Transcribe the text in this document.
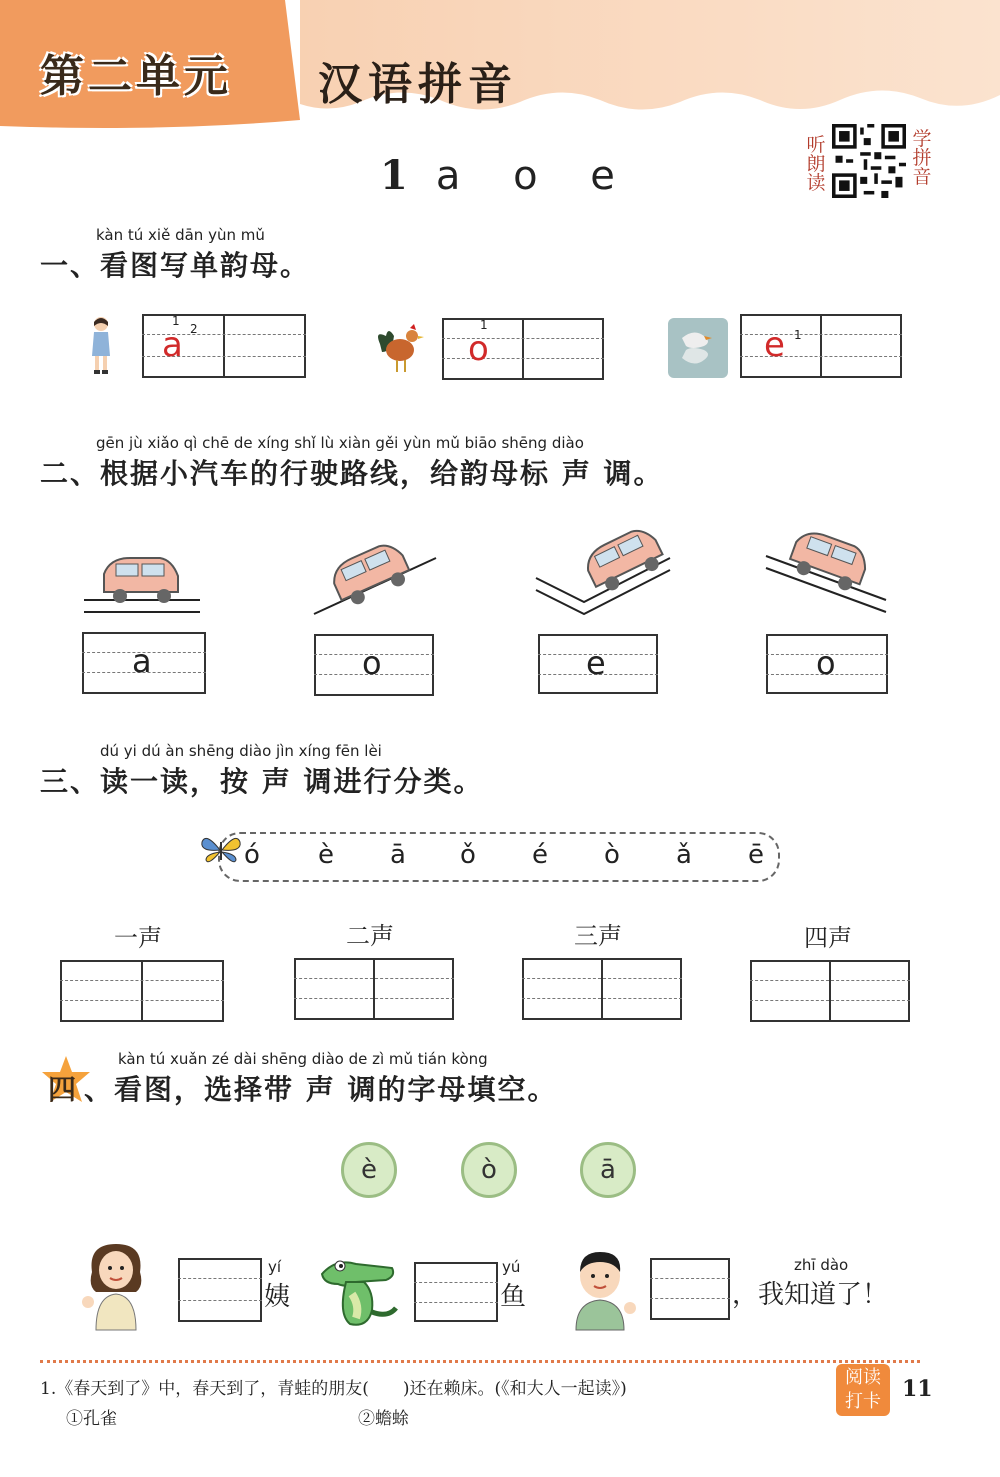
第二单元 汉语拼音
1 a o e
听朗读
学拼音
kàn tú xiě dān yùn mǔ
一、看图写单韵母。
a
1
2	o
1	e 1
gēn jù xiǎo qì chē de xíng shǐ lù xiàn gěi yùn mǔ biāo shēng diào
二、根据小汽车的行驶路线，给韵母标 声 调。
a	o	e	o
dú yi dú àn shēng diào jìn xíng fēn lèi
三、读一读，按 声 调进行分类。
ó è ā ǒ é ò ǎ ē
一声	二声	三声	四声
kàn tú xuǎn zé dài shēng diào de zì mǔ tián kòng
四 、看图，选择带 声 调的字母填空。
è	ò	ā
yí
姨
yú
鱼
zhī dào
，我知道了！
1.《春天到了》中，春天到了，青蛙的朋友(　　)还在赖床。(《和大人一起读》)
①孔雀	②蟾蜍
阅读
打卡 11
